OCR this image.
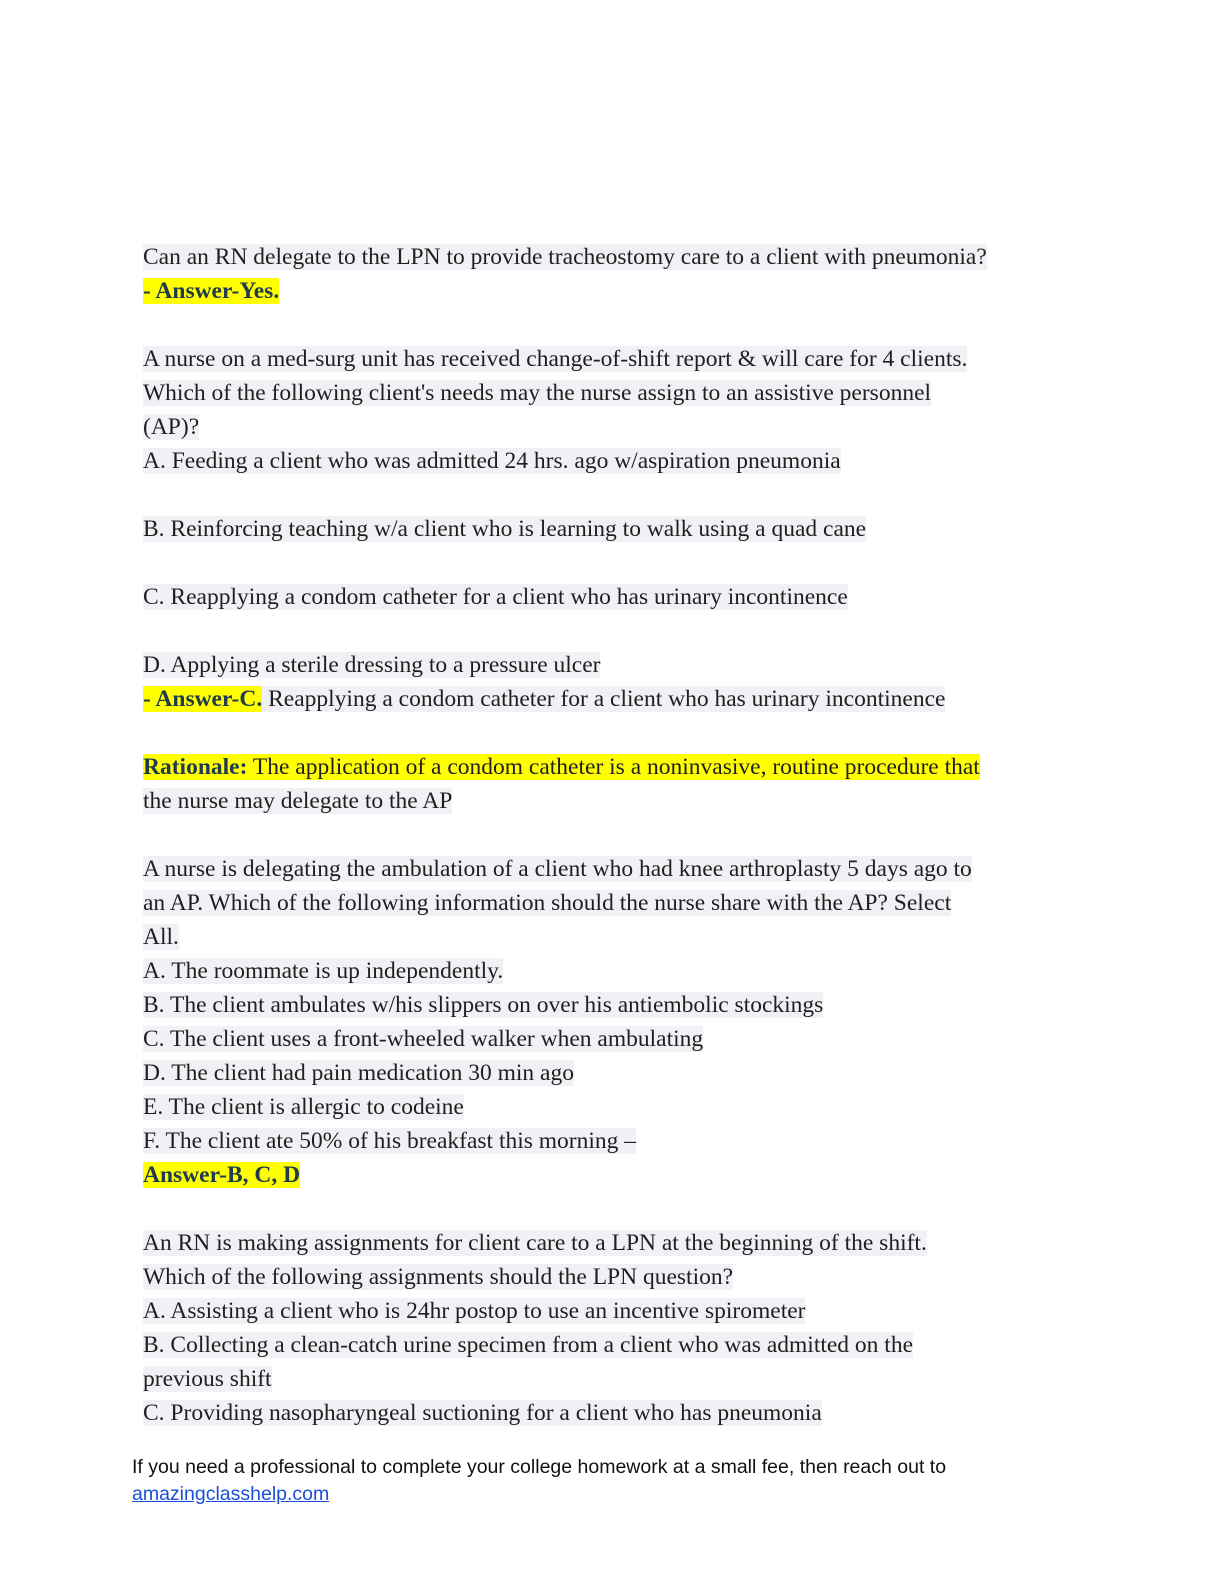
Can an RN delegate to the LPN to provide tracheostomy care to a client with pneumonia?
- Answer-Yes.
A nurse on a med-surg unit has received change-of-shift report & will care for 4 clients.
Which of the following client's needs may the nurse assign to an assistive personnel
(AP)?
A. Feeding a client who was admitted 24 hrs. ago w/aspiration pneumonia
B. Reinforcing teaching w/a client who is learning to walk using a quad cane
C. Reapplying a condom catheter for a client who has urinary incontinence
D. Applying a sterile dressing to a pressure ulcer
- Answer-C. Reapplying a condom catheter for a client who has urinary incontinence
Rationale: The application of a condom catheter is a noninvasive, routine procedure that
the nurse may delegate to the AP
A nurse is delegating the ambulation of a client who had knee arthroplasty 5 days ago to
an AP. Which of the following information should the nurse share with the AP? Select
All.
A. The roommate is up independently.
B. The client ambulates w/his slippers on over his antiembolic stockings
C. The client uses a front-wheeled walker when ambulating
D. The client had pain medication 30 min ago
E. The client is allergic to codeine
F. The client ate 50% of his breakfast this morning –
Answer-B, C, D
An RN is making assignments for client care to a LPN at the beginning of the shift.
Which of the following assignments should the LPN question?
A. Assisting a client who is 24hr postop to use an incentive spirometer
B. Collecting a clean-catch urine specimen from a client who was admitted on the
previous shift
C. Providing nasopharyngeal suctioning for a client who has pneumonia
If you need a professional to complete your college homework at a small fee, then reach out to
amazingclasshelp.com
